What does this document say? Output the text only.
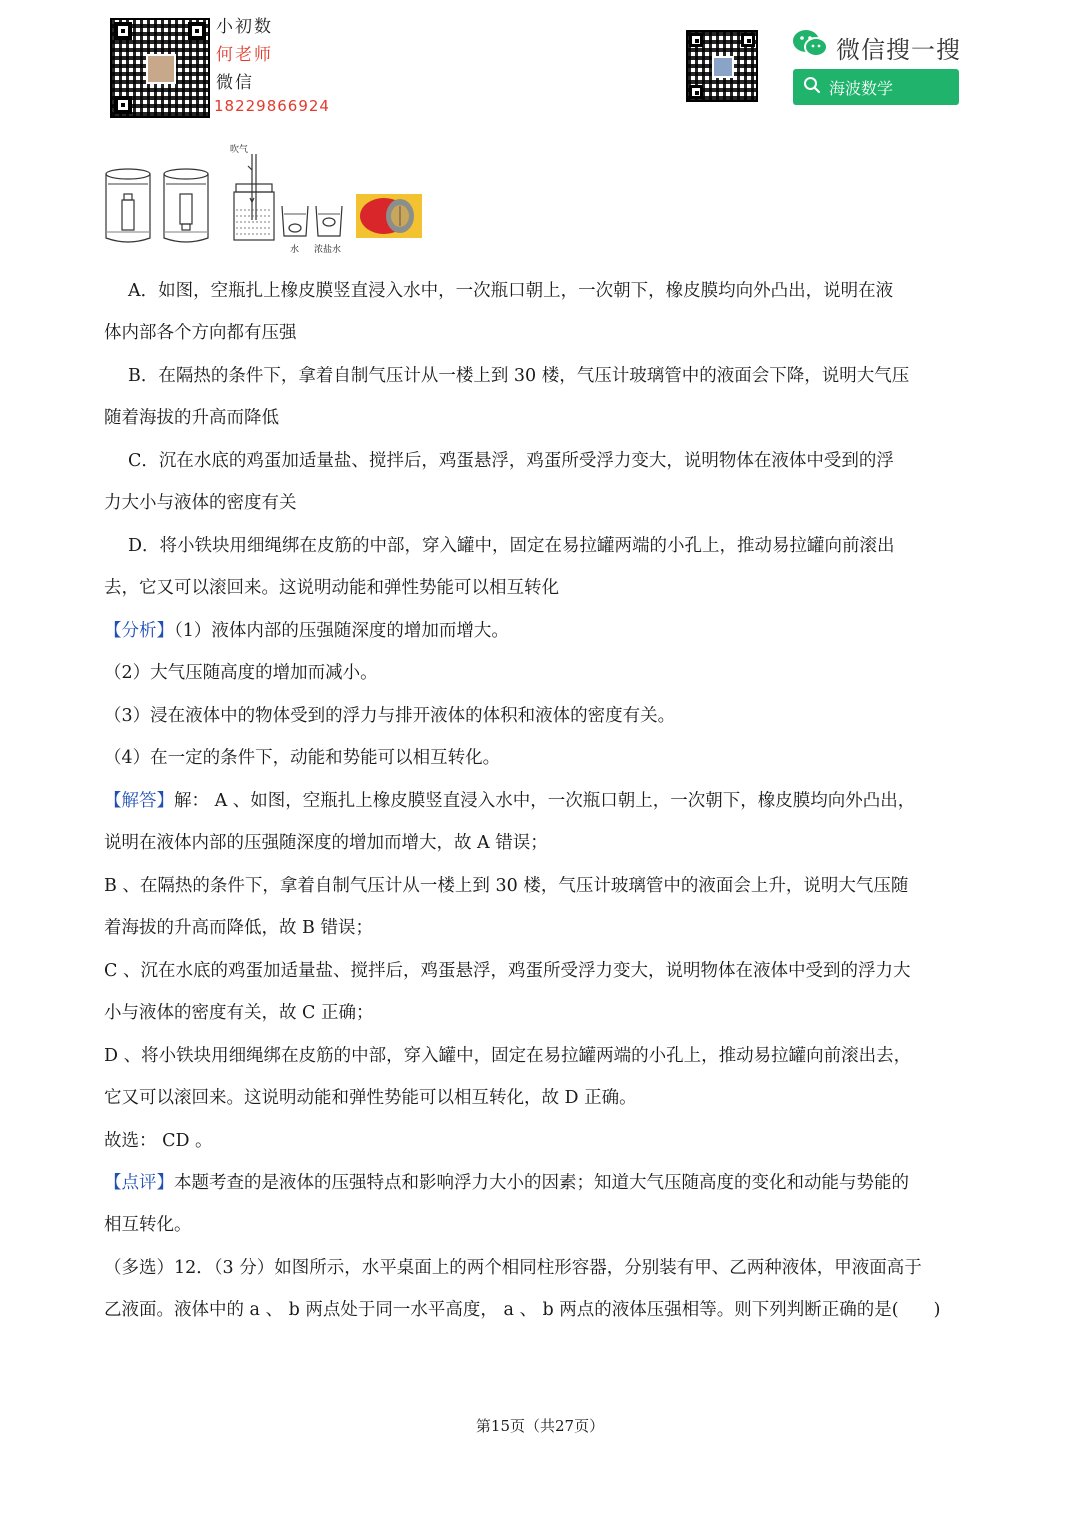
小初数
何老师
微信
18229866924
微信搜一搜
海波数学
吹气
水 浓盐水
A．如图，空瓶扎上橡皮膜竖直浸入水中，一次瓶口朝上，一次朝下，橡皮膜均向外凸出，说明在液
体内部各个方向都有压强
B．在隔热的条件下，拿着自制气压计从一楼上到 30 楼，气压计玻璃管中的液面会下降，说明大气压
随着海拔的升高而降低
C．沉在水底的鸡蛋加适量盐、搅拌后，鸡蛋悬浮，鸡蛋所受浮力变大，说明物体在液体中受到的浮
力大小与液体的密度有关
D．将小铁块用细绳绑在皮筋的中部，穿入罐中，固定在易拉罐两端的小孔上，推动易拉罐向前滚出
去，它又可以滚回来。这说明动能和弹性势能可以相互转化
【分析】（1）液体内部的压强随深度的增加而增大。
（2）大气压随高度的增加而减小。
（3）浸在液体中的物体受到的浮力与排开液体的体积和液体的密度有关。
（4）在一定的条件下，动能和势能可以相互转化。
【解答】解： A 、如图，空瓶扎上橡皮膜竖直浸入水中，一次瓶口朝上，一次朝下，橡皮膜均向外凸出，
说明在液体内部的压强随深度的增加而增大，故 A 错误；
B 、在隔热的条件下，拿着自制气压计从一楼上到 30 楼，气压计玻璃管中的液面会上升，说明大气压随
着海拔的升高而降低，故 B 错误；
C 、沉在水底的鸡蛋加适量盐、搅拌后，鸡蛋悬浮，鸡蛋所受浮力变大，说明物体在液体中受到的浮力大
小与液体的密度有关，故 C 正确；
D 、将小铁块用细绳绑在皮筋的中部，穿入罐中，固定在易拉罐两端的小孔上，推动易拉罐向前滚出去，
它又可以滚回来。这说明动能和弹性势能可以相互转化，故 D 正确。
故选： CD 。
【点评】本题考查的是液体的压强特点和影响浮力大小的因素；知道大气压随高度的变化和动能与势能的
相互转化。
（多选）12．（3 分）如图所示，水平桌面上的两个相同柱形容器，分别装有甲、乙两种液体，甲液面高于
乙液面。液体中的 a 、 b 两点处于同一水平高度， a 、 b 两点的液体压强相等。则下列判断正确的是(　　)
第15页（共27页）
